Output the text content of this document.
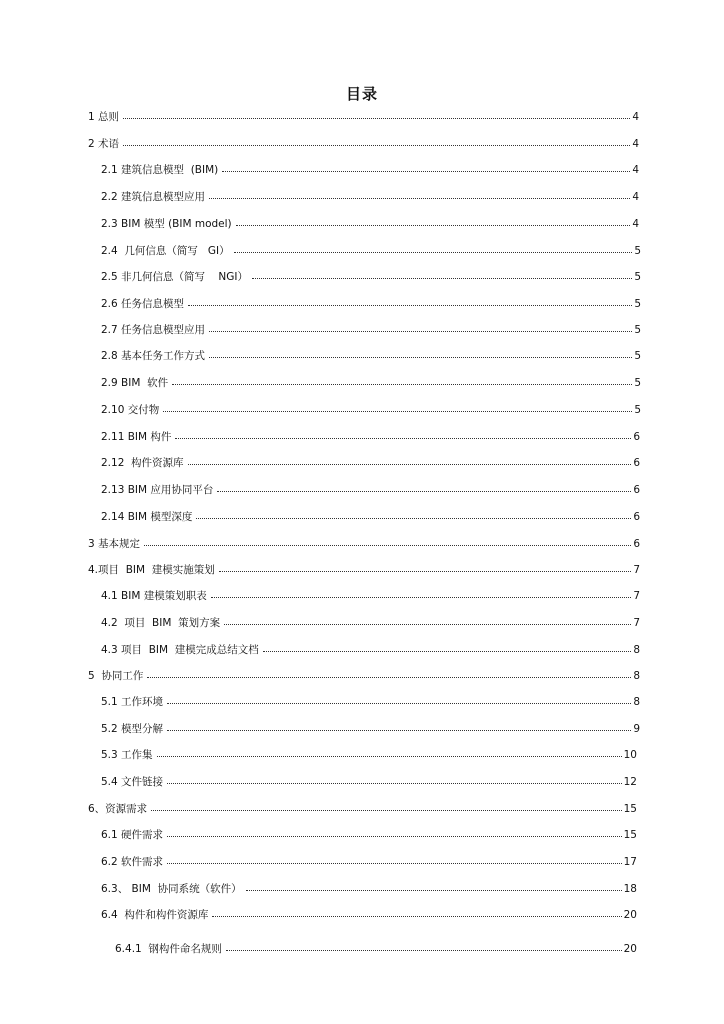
目录
1 总则	4
2 术语	4
2.1 建筑信息模型  (BIM)	4
2.2 建筑信息模型应用	4
2.3 BIM 模型 (BIM model)	4
2.4  几何信息（简写   GI）	5
2.5 非几何信息（简写    NGI）	5
2.6 任务信息模型	5
2.7 任务信息模型应用	5
2.8 基本任务工作方式	5
2.9 BIM  软件	5
2.10 交付物	5
2.11 BIM 构件	6
2.12  构件资源库	6
2.13 BIM 应用协同平台	6
2.14 BIM 模型深度	6
3 基本规定	6
4.项目  BIM  建模实施策划	7
4.1 BIM 建模策划职表	7
4.2  项目  BIM  策划方案	7
4.3 项目  BIM  建模完成总结文档	8
5  协同工作	8
5.1 工作环境	8
5.2 模型分解	9
5.3 工作集	10
5.4 文件链接	12
6、资源需求	15
6.1 硬件需求	15
6.2 软件需求	17
6.3、 BIM  协同系统（软件）	18
6.4  构件和构件资源库	20
6.4.1  钢构件命名规则	20
